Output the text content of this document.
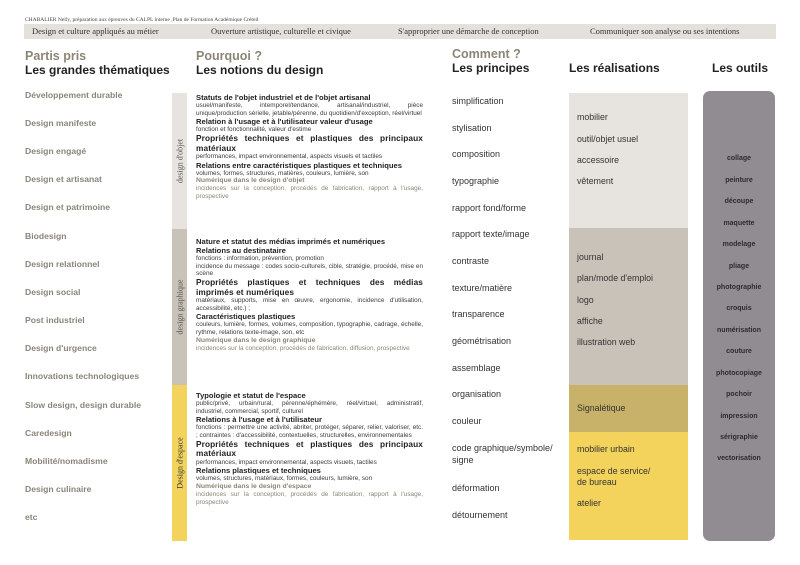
CHABALIER Nelly, préparation aux épreuves du CALPL interne ,Plan de Formation Académique Créteil
Design et culture appliqués au métier	Ouverture artistique, culturelle et civique	S'approprier une démarche de conception	Communiquer son analyse ou ses intentions
Partis pris
Les grandes thématiques
Pourquoi ?
Les notions du design
Comment ?
Les principes	Les réalisations	Les outils
Développement durable
Design manifeste
Design engagé
Design et artisanat
Design et patrimoine
Biodesign
Design relationnel
Design social
Post industriel
Design d'urgence
Innovations technologiques
Slow design, design durable
Caredesign
Mobilité/nomadisme
Design culinaire
etc
design d'objet
design graphique
Design d'espace
Statuts de l'objet industriel et de l'objet artisanal
usuel/manifeste, intemporel/tendance, artisanal/industriel, pièce unique/production sérielle, jetable/pérenne, du quotidien/d'exception, réel/virtuel
Relation à l'usage et à l'utilisateur valeur d'usage
fonction et fonctionnalité, valeur d'estime
Propriétés techniques et plastiques des principaux matériaux
performances, impact environnemental, aspects visuels et tactiles
Relations entre caractéristiques plastiques et techniques
volumes, formes, structures, matières, couleurs, lumière, son
Numérique dans le design d'objet
incidences sur la conception, procédés de fabrication, rapport à l'usage, prospective
Nature et statut des médias imprimés et numériques
Relations au destinataire
fonctions : information, prévention, promotion
incidence du message : codes socio-culturels, cible, stratégie, procédé, mise en scène
Propriétés plastiques et techniques des médias imprimés et numériques
matériaux, supports, mise en œuvre, ergonomie, incidence d'utilisation, accessibilité, etc.) ;
Caractéristiques plastiques
couleurs, lumière, formes, volumes, composition, typographie, cadrage, échelle, rythme, relations texte-image, son, etc
Numérique dans le design graphique
incidences sur la conception, procédés de fabrication, diffusion, prospective
Typologie et statut de l'espace
public/privé, urbain/rural, pérenne/éphémère, réel/virtuel, administratif, industriel, commercial, sportif, culturel
Relations à l'usage et à l'utilisateur
fonctions : permettre une activité, abriter, protéger, séparer, relier, valoriser, etc. ; contraintes : d'accessibilité, contextuelles, structurelles, environnementales
Propriétés techniques et plastiques des principaux matériaux
performances, impact environnemental, aspects visuels, tactiles
Relations plastiques et techniques
volumes, structures, matériaux, formes, couleurs, lumière, son
Numérique dans le design d'espace
incidences sur la conception, procédés de fabrication, rapport à l'usage, prospective
simplification
stylisation
composition
typographie
rapport fond/forme
rapport texte/image
contraste
texture/matière
transparence
géométrisation
assemblage
organisation
couleur
code graphique/symbole/ signe
déformation
détournement
mobilier
outil/objet usuel
accessoire
vêtement
journal
plan/mode d'emploi
logo
affiche
illustration web
Signalétique
mobilier urbain
espace de service/ de bureau
atelier
collage
peinture
découpe
maquette
modelage
pliage
photographie
croquis
numérisation
couture
photocopiage
pochoir
impression
sérigraphie
vectorisation
